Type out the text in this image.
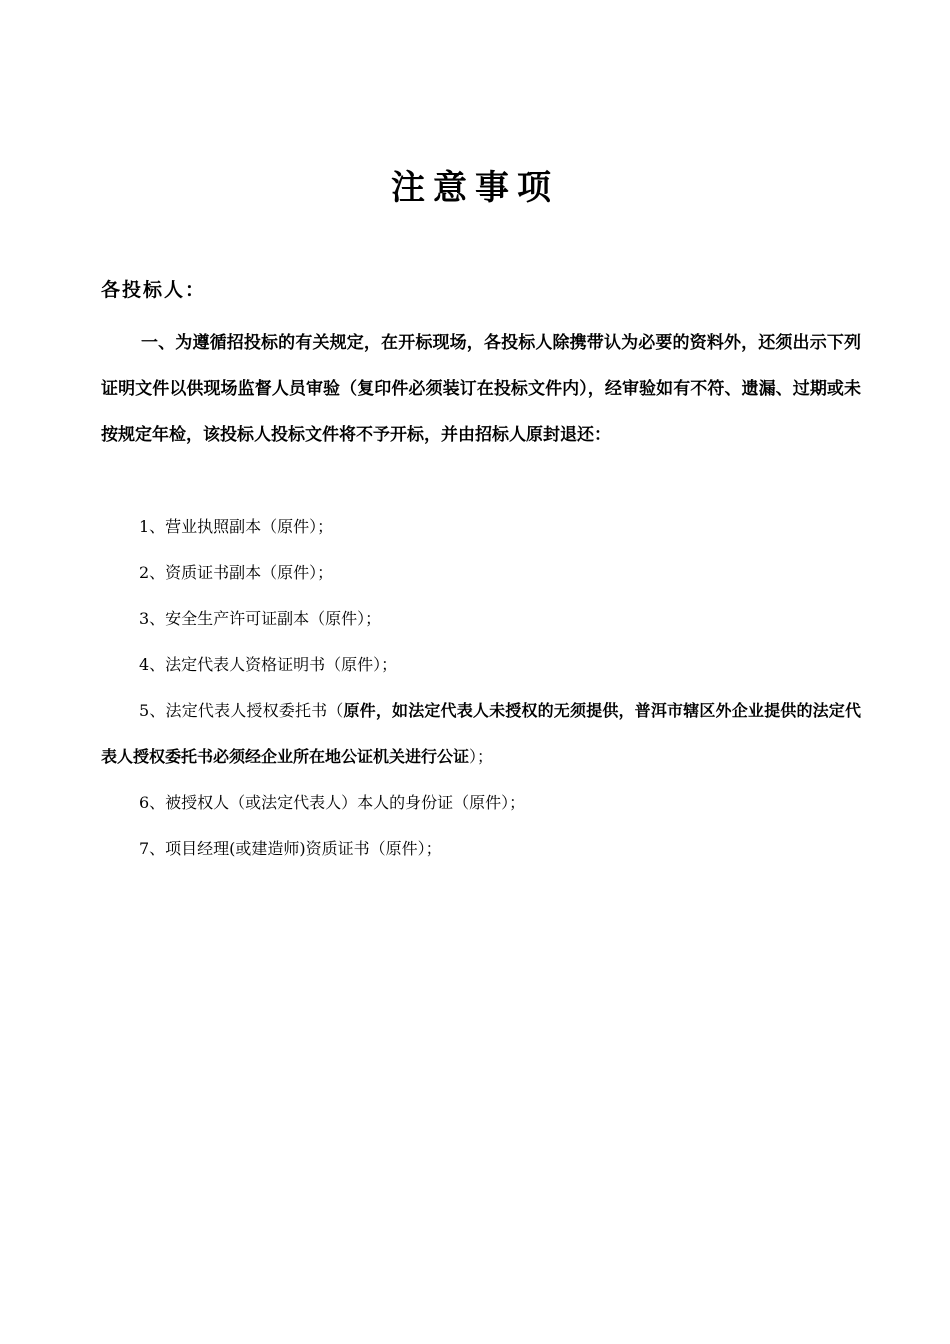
注意事项
各投标人：
一、为遵循招投标的有关规定，在开标现场，各投标人除携带认为必要的资料外，还须出示下列证明文件以供现场监督人员审验（复印件必须装订在投标文件内），经审验如有不符、遗漏、过期或未按规定年检，该投标人投标文件将不予开标，并由招标人原封退还：
1、营业执照副本（原件）；
2、资质证书副本（原件）；
3、安全生产许可证副本（原件）；
4、法定代表人资格证明书（原件）；
5、法定代表人授权委托书（原件，如法定代表人未授权的无须提供，普洱市辖区外企业提供的法定代表人授权委托书必须经企业所在地公证机关进行公证）；
6、被授权人（或法定代表人）本人的身份证（原件）；
7、项目经理(或建造师)资质证书（原件）；
